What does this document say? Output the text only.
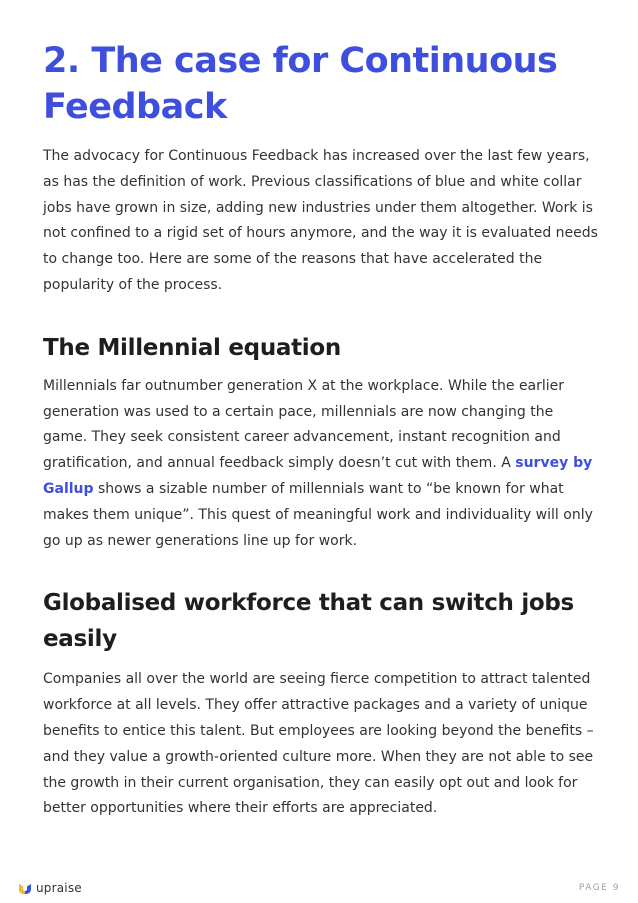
2. The case for Continuous Feedback

The advocacy for Continuous Feedback has increased over the last few years, as has the definition of work. Previous classifications of blue and white collar jobs have grown in size, adding new industries under them altogether. Work is not confined to a rigid set of hours anymore, and the way it is evaluated needs to change too. Here are some of the reasons that have accelerated the popularity of the process.

The Millennial equation

Millennials far outnumber generation X at the workplace. While the earlier generation was used to a certain pace, millennials are now changing the game. They seek consistent career advancement, instant recognition and gratification, and annual feedback simply doesn’t cut with them. A survey by Gallup shows a sizable number of millennials want to “be known for what makes them unique”. This quest of meaningful work and individuality will only go up as newer generations line up for work.

Globalised workforce that can switch jobs easily

Companies all over the world are seeing fierce competition to attract talented workforce at all levels. They offer attractive packages and a variety of unique benefits to entice this talent. But employees are looking beyond the benefits – and they value a growth-oriented culture more. When they are not able to see the growth in their current organisation, they can easily opt out and look for better opportunities where their efforts are appreciated.

upraise	PAGE 9
